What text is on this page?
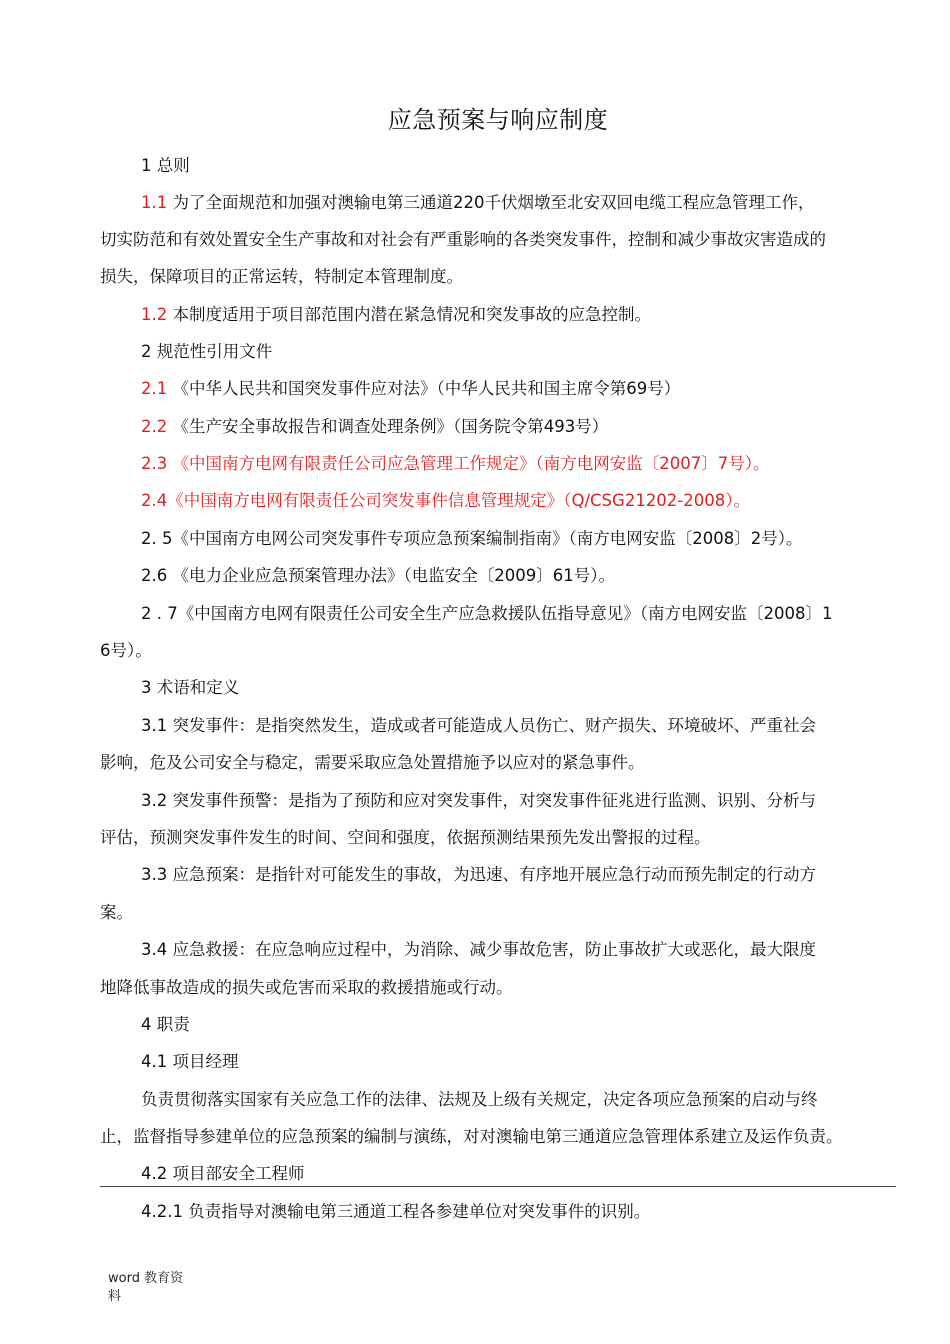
应急预案与响应制度
1 总则
1.1 为了全面规范和加强对澳输电第三通道220千伏烟墩至北安双回电缆工程应急管理工作，
切实防范和有效处置安全生产事故和对社会有严重影响的各类突发事件，控制和减少事故灾害造成的
损失，保障项目的正常运转，特制定本管理制度。
1.2 本制度适用于项目部范围内潜在紧急情况和突发事故的应急控制。
2 规范性引用文件
2.1 《中华人民共和国突发事件应对法》（中华人民共和国主席令第69号）
2.2 《生产安全事故报告和调查处理条例》（国务院令第493号）
2.3 《中国南方电网有限责任公司应急管理工作规定》（南方电网安监〔2007〕7号）。
2.4《中国南方电网有限责任公司突发事件信息管理规定》（Q/CSG21202-2008）。
2. 5《中国南方电网公司突发事件专项应急预案编制指南》（南方电网安监〔2008〕2号）。
2.6 《电力企业应急预案管理办法》（电监安全〔2009〕61号）。
2 . 7《中国南方电网有限责任公司安全生产应急救援队伍指导意见》（南方电网安监〔2008〕1
6号）。
3 术语和定义
3.1 突发事件：是指突然发生，造成或者可能造成人员伤亡、财产损失、环境破坏、严重社会
影响，危及公司安全与稳定，需要采取应急处置措施予以应对的紧急事件。
3.2 突发事件预警：是指为了预防和应对突发事件，对突发事件征兆进行监测、识别、分析与
评估，预测突发事件发生的时间、空间和强度，依据预测结果预先发出警报的过程。
3.3 应急预案：是指针对可能发生的事故，为迅速、有序地开展应急行动而预先制定的行动方
案。
3.4 应急救援：在应急响应过程中，为消除、减少事故危害，防止事故扩大或恶化，最大限度
地降低事故造成的损失或危害而采取的救援措施或行动。
4 职责
4.1 项目经理
负责贯彻落实国家有关应急工作的法律、法规及上级有关规定，决定各项应急预案的启动与终
止，监督指导参建单位的应急预案的编制与演练，对对澳输电第三通道应急管理体系建立及运作负责。
4.2 项目部安全工程师
4.2.1 负责指导对澳输电第三通道工程各参建单位对突发事件的识别。
word 教育资
料
